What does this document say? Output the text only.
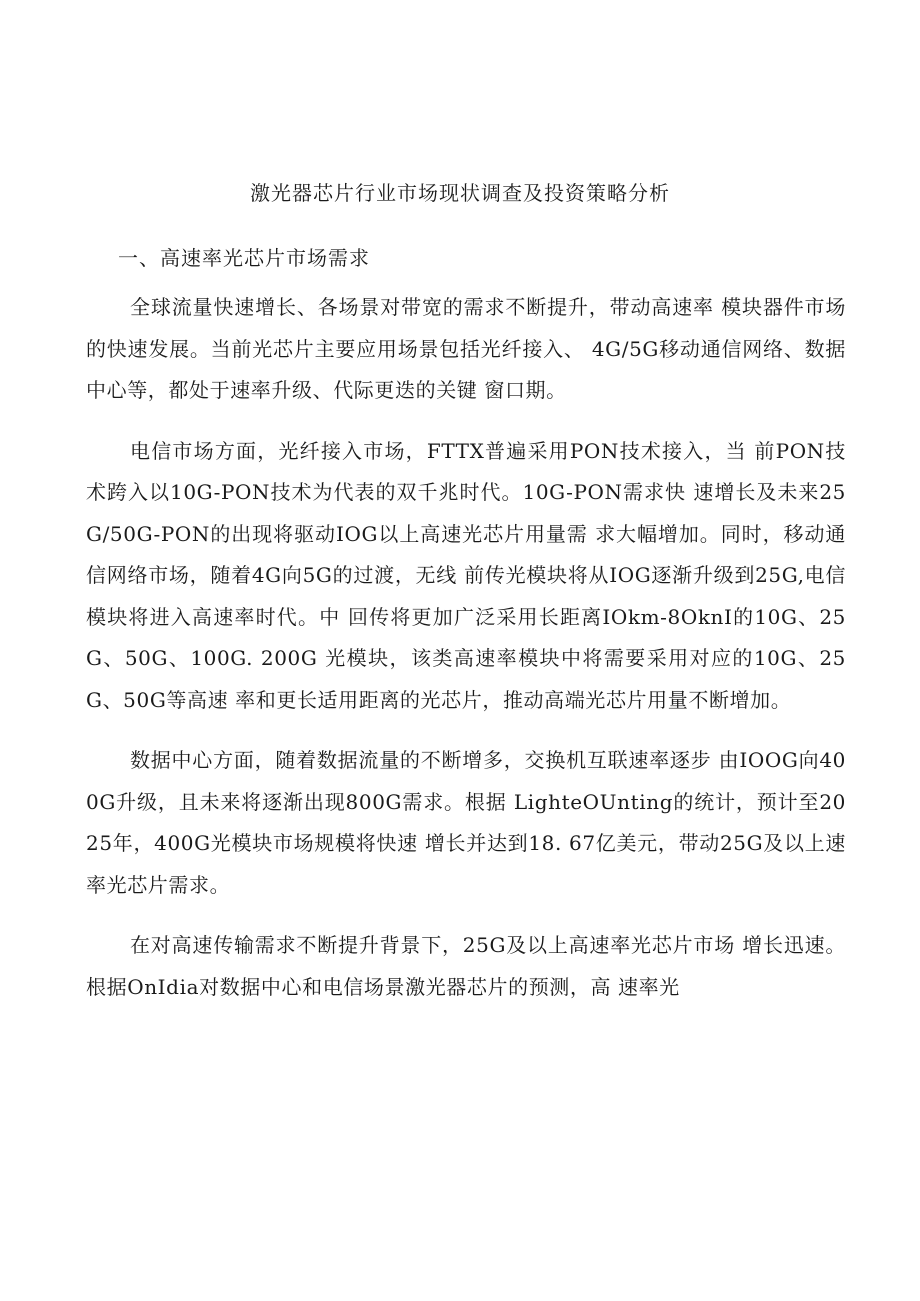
激光器芯片行业市场现状调查及投资策略分析
一、高速率光芯片市场需求

全球流量快速增长、各场景对带宽的需求不断提升，带动高速率 模块器件市场的快速发展。当前光芯片主要应用场景包括光纤接入、 4G/5G移动通信网络、数据中心等，都处于速率升级、代际更迭的关键 窗口期。

电信市场方面，光纤接入市场，FTTX普遍采用PON技术接入，当 前PON技术跨入以10G-PON技术为代表的双千兆时代。10G-PON需求快 速增长及未来25G/50G-PON的出现将驱动IOG以上高速光芯片用量需 求大幅增加。同时，移动通信网络市场，随着4G向5G的过渡，无线 前传光模块将从IOG逐渐升级到25G,电信模块将进入高速率时代。中 回传将更加广泛采用长距离IOkm-8OknI的10G、25G、50G、100G. 200G 光模块，该类高速率模块中将需要采用对应的10G、25G、50G等高速 率和更长适用距离的光芯片，推动高端光芯片用量不断增加。

数据中心方面，随着数据流量的不断增多，交换机互联速率逐步 由IOOG向400G升级，且未来将逐渐出现800G需求。根据 LighteOUnting的统计，预计至2025年，400G光模块市场规模将快速 增长并达到18. 67亿美元，带动25G及以上速率光芯片需求。

在对高速传输需求不断提升背景下，25G及以上高速率光芯片市场 增长迅速。根据OnIdia对数据中心和电信场景激光器芯片的预测，高 速率光
